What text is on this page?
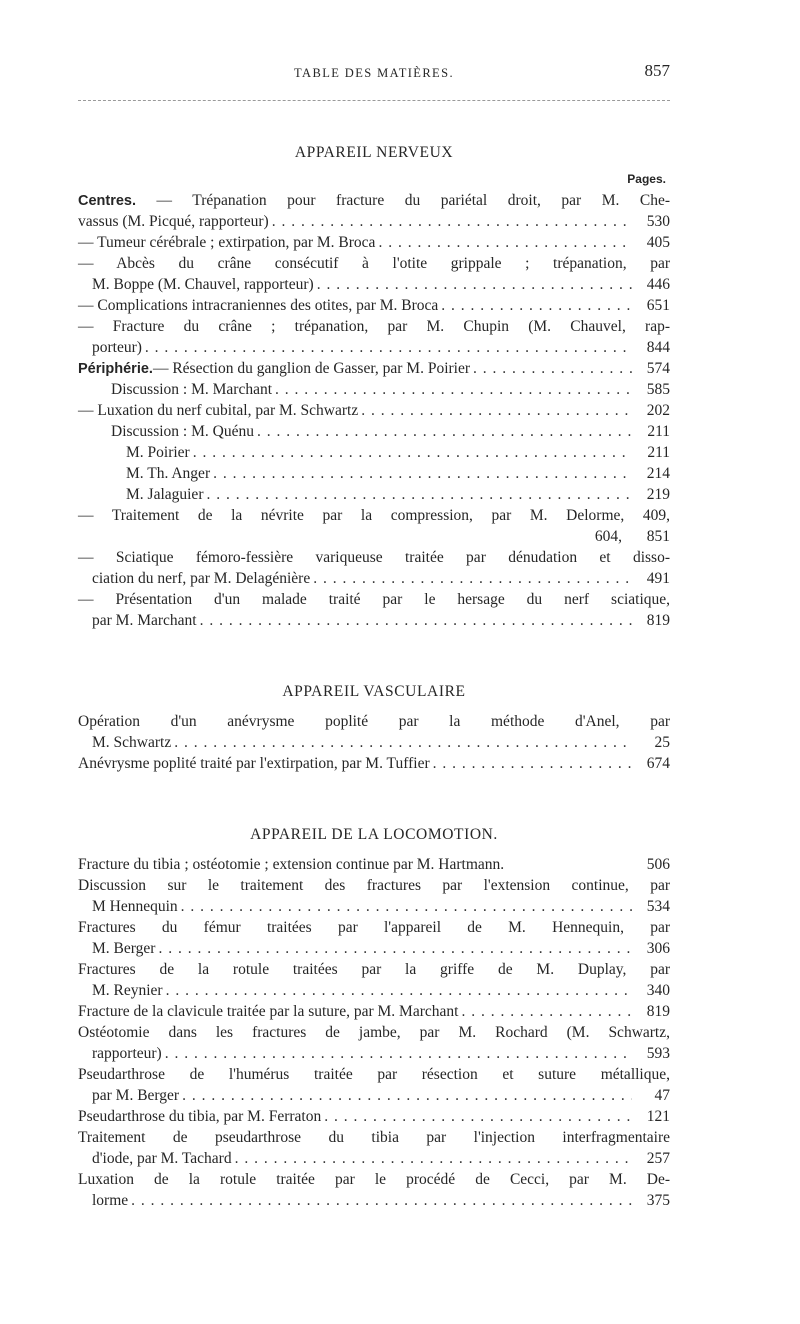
TABLE DES MATIÈRES.	857
APPAREIL NERVEUX
Pages.
Centres. — Trépanation pour fracture du pariétal droit, par M. Che-
vassus (M. Picqué, rapporteur) . . .	530
— Tumeur cérébrale ; extirpation, par M. Broca . . .	405
— Abcès du crâne consécutif à l'otite grippale ; trépanation, par
M. Boppe (M. Chauvel, rapporteur) . . .	446
— Complications intracraniennes des otites, par M. Broca . . .	651
— Fracture du crâne ; trépanation, par M. Chupin (M. Chauvel, rap-
porteur) . . .	844
Périphérie. — Résection du ganglion de Gasser, par M. Poirier . . .	574
Discussion : M. Marchant . . .	585
— Luxation du nerf cubital, par M. Schwartz . . .	202
Discussion : M. Quénu . . .	211
M. Poirier . . .	211
M. Th. Anger . . .	214
M. Jalaguier . . .	219
— Traitement de la névrite par la compression, par M. Delorme, 409,
604,	851
— Sciatique fémoro-fessière variqueuse traitée par dénudation et disso-
ciation du nerf, par M. Delagénière . . .	491
— Présentation d'un malade traité par le hersage du nerf sciatique,
par M. Marchant . . .	819
APPAREIL VASCULAIRE
Opération d'un anévrysme poplité par la méthode d'Anel, par
M. Schwartz . . .	25
Anévrysme poplité traité par l'extirpation, par M. Tuffier . . .	674
APPAREIL DE LA LOCOMOTION.
Fracture du tibia ; ostéotomie ; extension continue par M. Hartmann.	506
Discussion sur le traitement des fractures par l'extension continue, par
M Hennequin . . .	534
Fractures du fémur traitées par l'appareil de M. Hennequin, par
M. Berger . . .	306
Fractures de la rotule traitées par la griffe de M. Duplay, par
M. Reynier . . .	340
Fracture de la clavicule traitée par la suture, par M. Marchant . . .	819
Ostéotomie dans les fractures de jambe, par M. Rochard (M. Schwartz,
rapporteur) . . .	593
Pseudarthrose de l'humérus traitée par résection et suture métallique,
par M. Berger . . .	47
Pseudarthrose du tibia, par M. Ferraton . . .	121
Traitement de pseudarthrose du tibia par l'injection interfragmentaire
d'iode, par M. Tachard . . .	257
Luxation de la rotule traitée par le procédé de Cecci, par M. De-
lorme . . .	375
